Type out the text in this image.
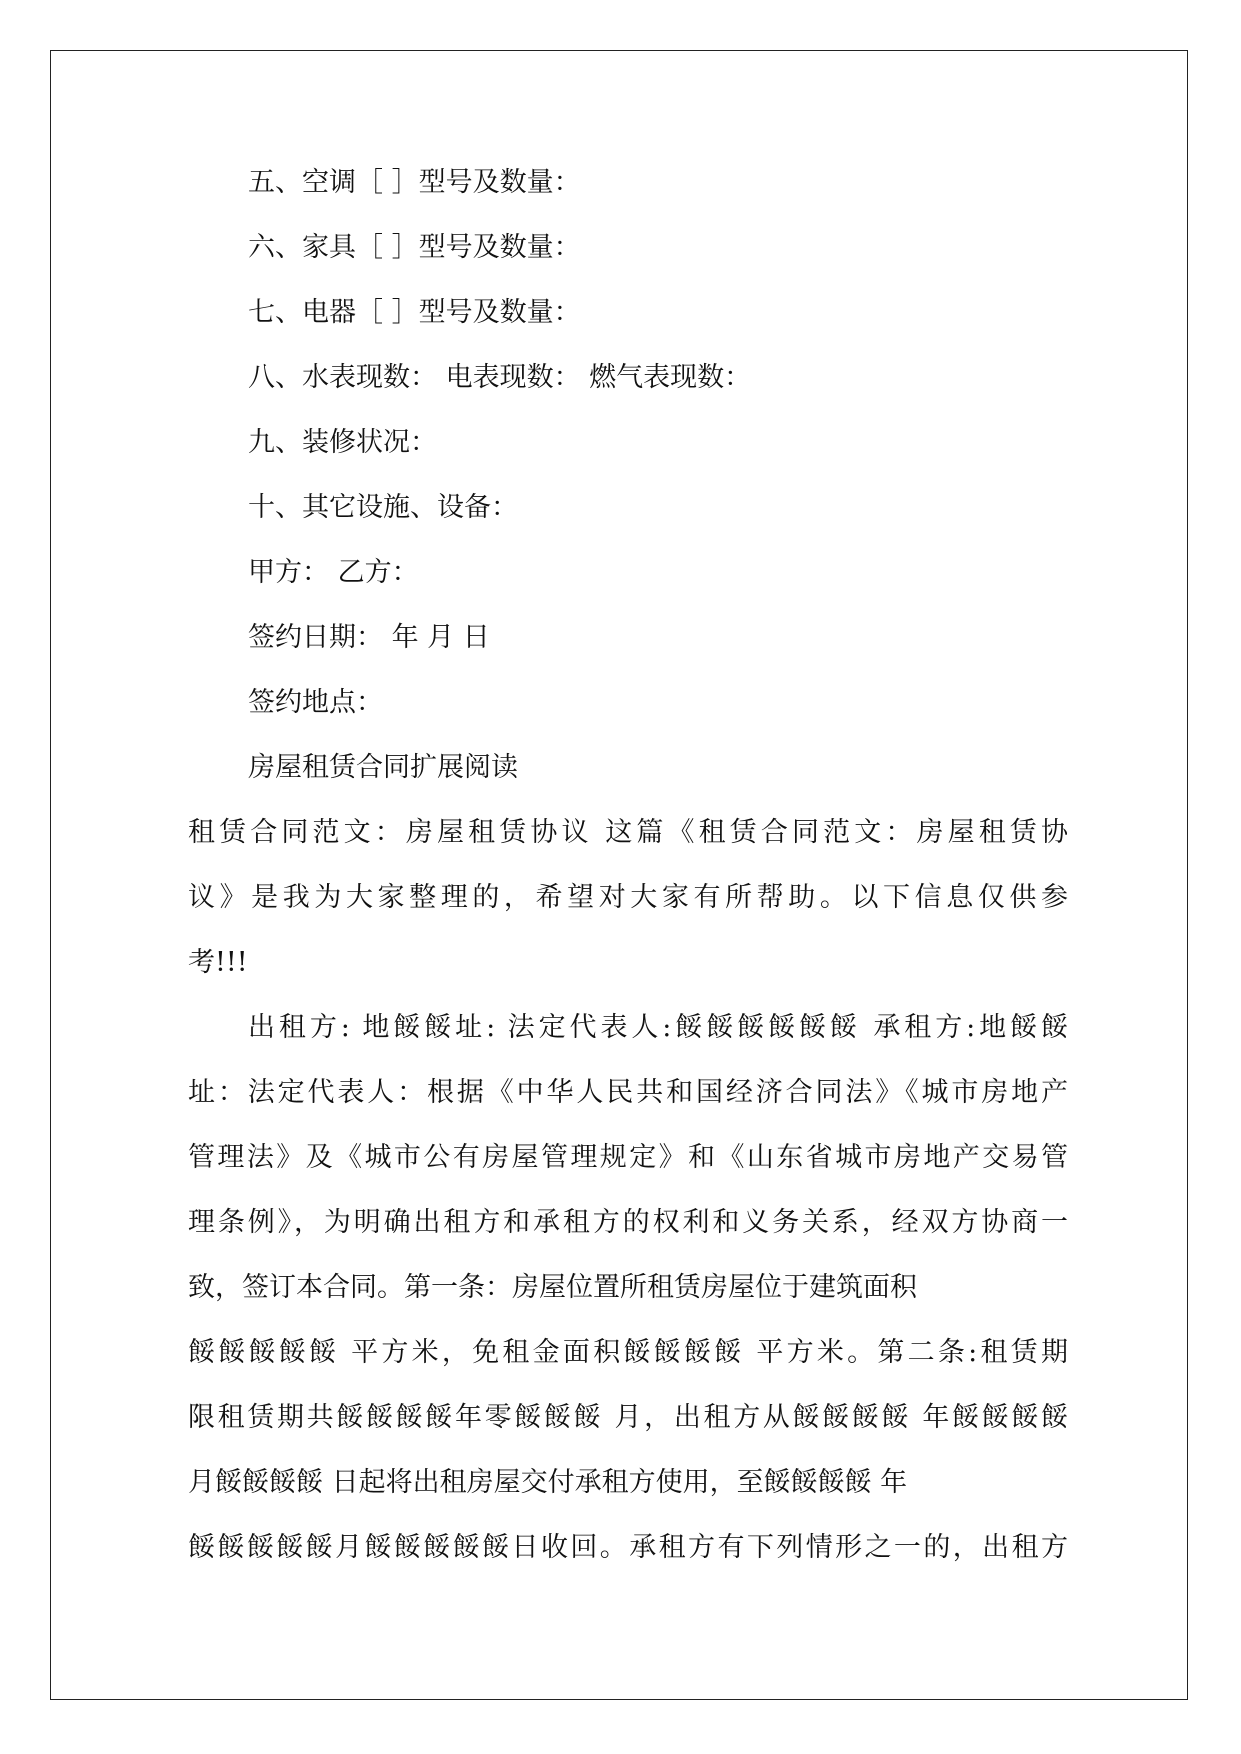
五、空调［ ］型号及数量：

六、家具［ ］型号及数量：

七、电器［ ］型号及数量：

八、水表现数： 电表现数： 燃气表现数：

九、装修状况：

十、其它设施、设备：

甲方： 乙方：

签约日期： 年 月 日

签约地点：

房屋租赁合同扩展阅读

租赁合同范文：房屋租赁协议 这篇《租赁合同范文：房屋租赁协

议》是我为大家整理的，希望对大家有所帮助。以下信息仅供参

考!!!

出租方: 地餒餒址: 法定代表人:餒餒餒餒餒餒 承租方:地餒餒

址：法定代表人：根据《中华人民共和国经济合同法》《城市房地产

管理法》及《城市公有房屋管理规定》和《山东省城市房地产交易管

理条例》，为明确出租方和承租方的权利和义务关系，经双方协商一

致，签订本合同。第一条：房屋位置所租赁房屋位于建筑面积

餒餒餒餒餒 平方米，免租金面积餒餒餒餒 平方米。第二条:租赁期

限租赁期共餒餒餒餒年零餒餒餒 月，出租方从餒餒餒餒 年餒餒餒餒

月餒餒餒餒 日起将出租房屋交付承租方使用，至餒餒餒餒 年

餒餒餒餒餒月餒餒餒餒餒日收回。承租方有下列情形之一的，出租方
